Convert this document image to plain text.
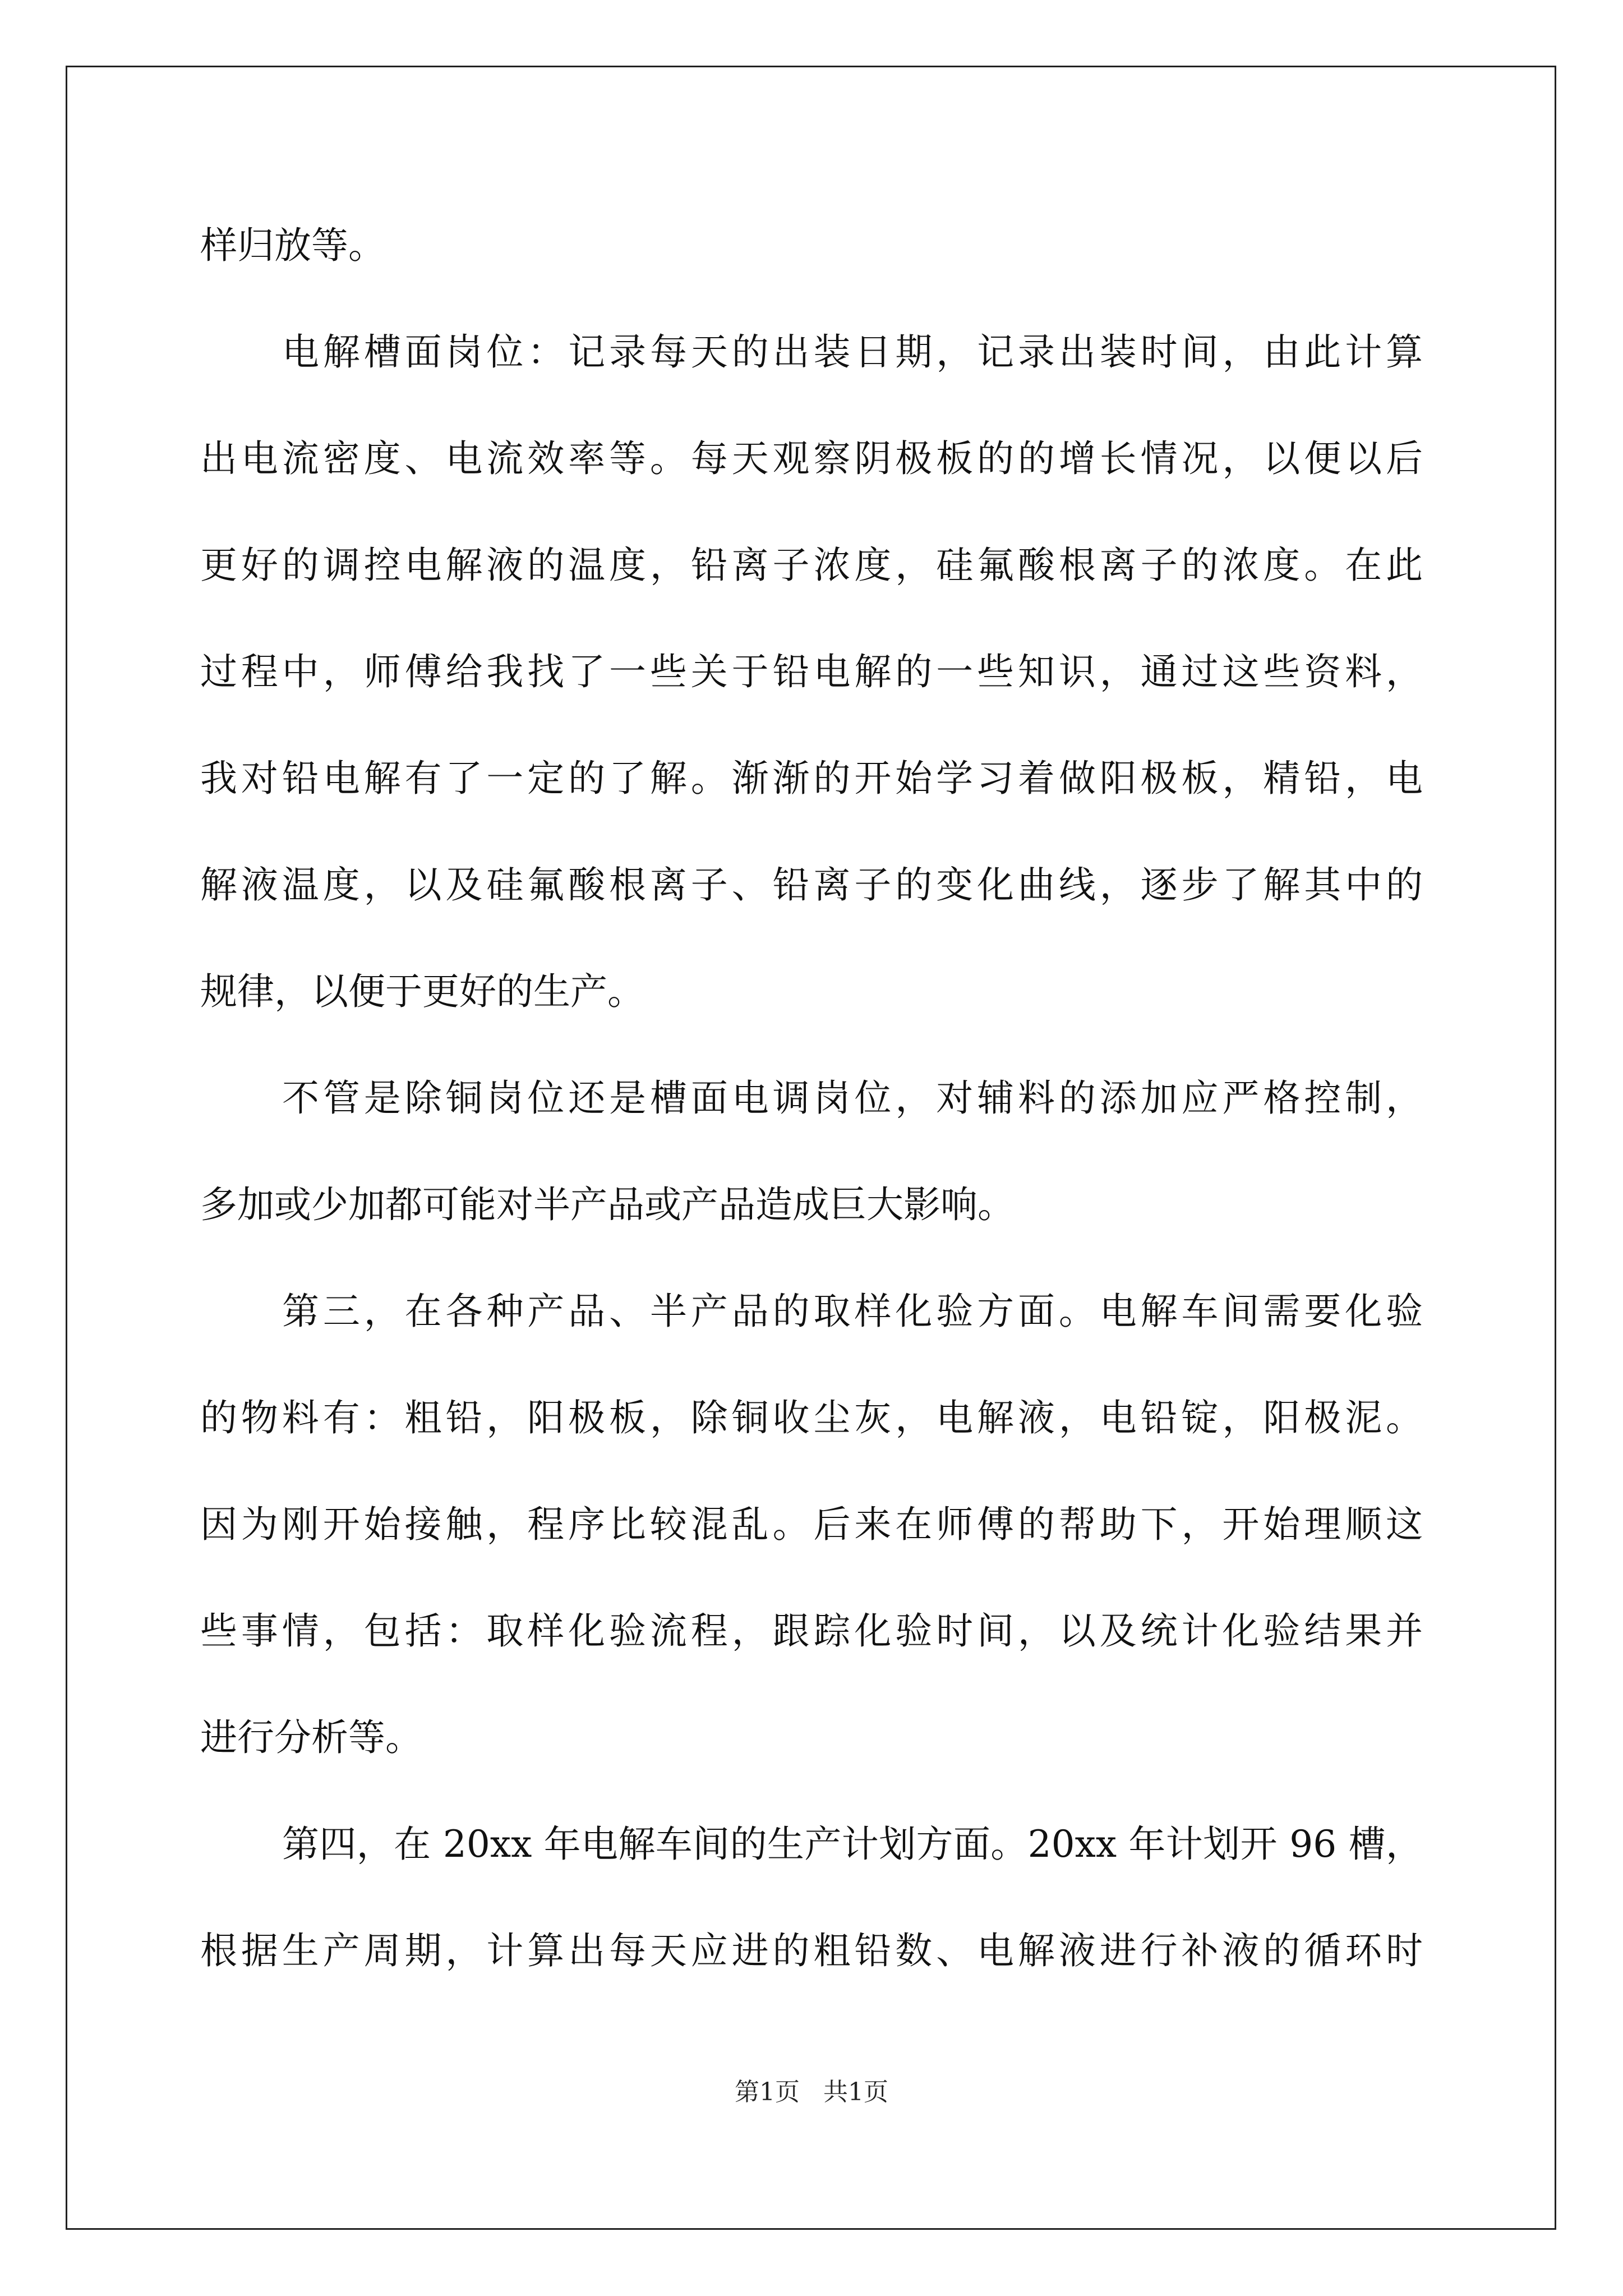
样归放等。
电解槽面岗位：记录每天的出装日期，记录出装时间，由此计算
出电流密度、电流效率等。每天观察阴极板的的增长情况，以便以后
更好的调控电解液的温度，铅离子浓度，硅氟酸根离子的浓度。在此
过程中，师傅给我找了一些关于铅电解的一些知识，通过这些资料，
我对铅电解有了一定的了解。渐渐的开始学习着做阳极板，精铅，电
解液温度，以及硅氟酸根离子、铅离子的变化曲线，逐步了解其中的
规律，以便于更好的生产。
不管是除铜岗位还是槽面电调岗位，对辅料的添加应严格控制，
多加或少加都可能对半产品或产品造成巨大影响。
第三，在各种产品、半产品的取样化验方面。电解车间需要化验
的物料有：粗铅，阳极板，除铜收尘灰，电解液，电铅锭，阳极泥。
因为刚开始接触，程序比较混乱。后来在师傅的帮助下，开始理顺这
些事情，包括：取样化验流程，跟踪化验时间，以及统计化验结果并
进行分析等。
第四，在 20xx 年电解车间的生产计划方面。20xx 年计划开 96 槽，
根据生产周期，计算出每天应进的粗铅数、电解液进行补液的循环时
第1页 共1页
